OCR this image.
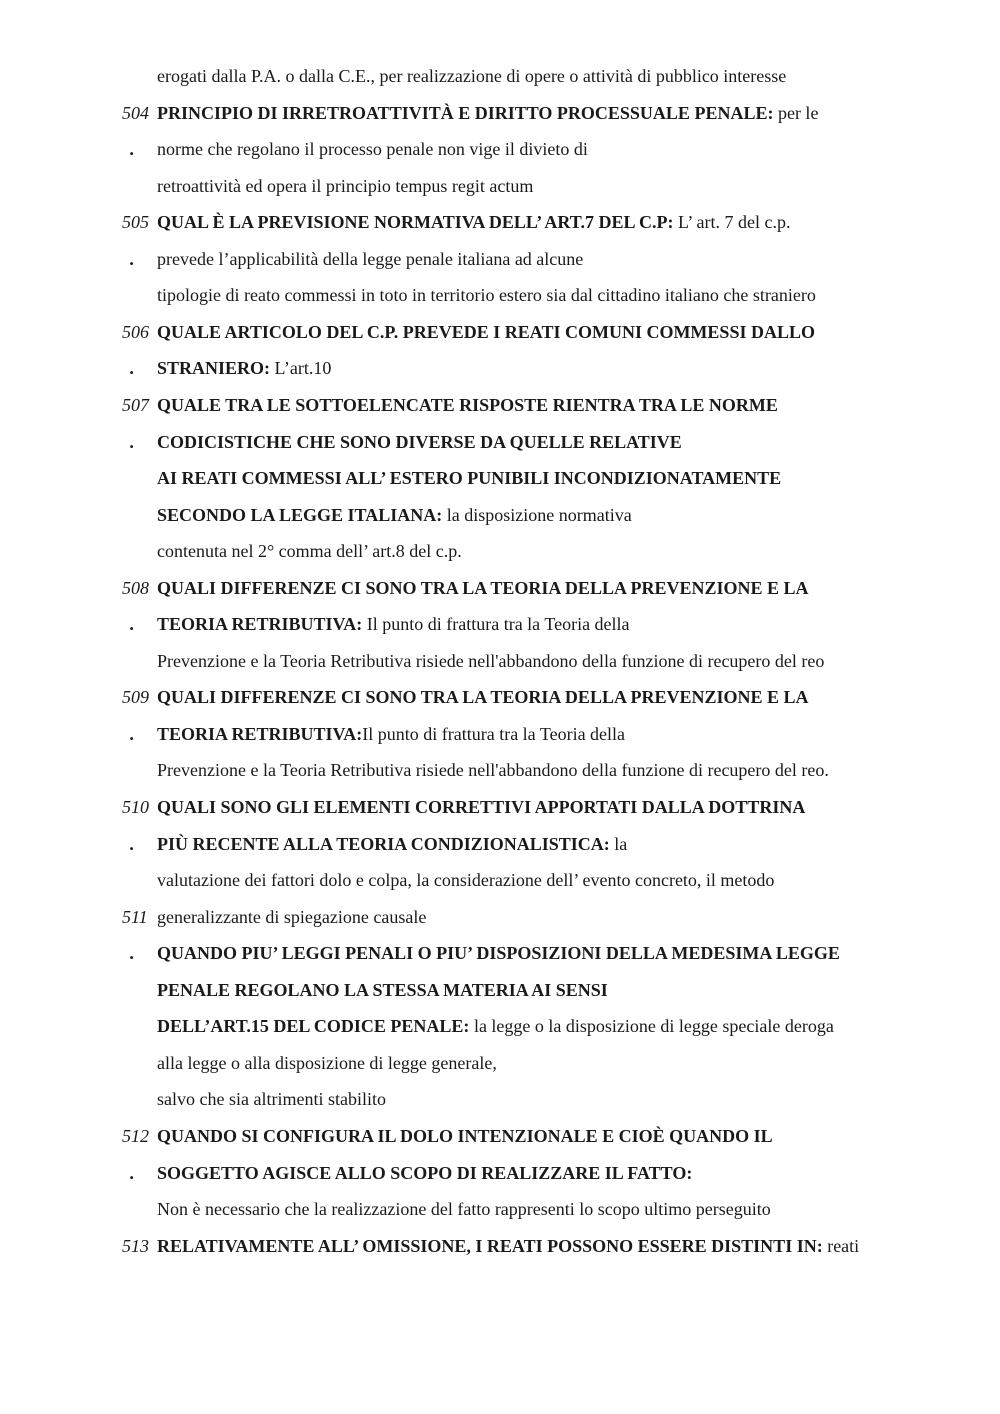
erogati dalla P.A. o dalla C.E., per realizzazione di opere o attività di pubblico interesse
504 PRINCIPIO DI IRRETROATTIVITÀ E DIRITTO PROCESSUALE PENALE: per le
.	norme che regolano il processo penale non vige il divieto di
retroattività ed opera il principio tempus regit actum
505 QUAL È LA PREVISIONE NORMATIVA DELL’ ART.7 DEL C.P: L’ art. 7 del c.p.
.	prevede l’applicabilità della legge penale italiana ad alcune
tipologie di reato commessi in toto in territorio estero sia dal cittadino italiano che straniero
506 QUALE ARTICOLO DEL C.P. PREVEDE I REATI COMUNI COMMESSI DALLO
.	STRANIERO: L’art.10
507 QUALE TRA LE SOTTOELENCATE RISPOSTE RIENTRA TRA LE NORME
.	CODICISTICHE CHE SONO DIVERSE DA QUELLE RELATIVE
AI REATI COMMESSI ALL’ ESTERO PUNIBILI INCONDIZIONATAMENTE
SECONDO LA LEGGE ITALIANA: la disposizione normativa
contenuta nel 2° comma dell’ art.8 del c.p.
508 QUALI DIFFERENZE CI SONO TRA LA TEORIA DELLA PREVENZIONE E LA
.	TEORIA RETRIBUTIVA: Il punto di frattura tra la Teoria della
Prevenzione e la Teoria Retributiva risiede nell'abbandono della funzione di recupero del reo
509 QUALI DIFFERENZE CI SONO TRA LA TEORIA DELLA PREVENZIONE E LA
.	TEORIA RETRIBUTIVA:Il punto di frattura tra la Teoria della
Prevenzione e la Teoria Retributiva risiede nell'abbandono della funzione di recupero del reo.
510 QUALI SONO GLI ELEMENTI CORRETTIVI APPORTATI DALLA DOTTRINA
.	PIÙ RECENTE ALLA TEORIA CONDIZIONALISTICA: la
valutazione dei fattori dolo e colpa, la considerazione dell’ evento concreto, il metodo
511 generalizzante di spiegazione causale
.	QUANDO PIU’ LEGGI PENALI O PIU’ DISPOSIZIONI DELLA MEDESIMA LEGGE
PENALE REGOLANO LA STESSA MATERIA AI SENSI
DELL’ART.15 DEL CODICE PENALE: la legge o la disposizione di legge speciale deroga
alla legge o alla disposizione di legge generale,
salvo che sia altrimenti stabilito
512 QUANDO SI CONFIGURA IL DOLO INTENZIONALE E CIOÈ QUANDO IL
.	SOGGETTO AGISCE ALLO SCOPO DI REALIZZARE IL FATTO:
Non è necessario che la realizzazione del fatto rappresenti lo scopo ultimo perseguito
513 RELATIVAMENTE ALL’ OMISSIONE, I REATI POSSONO ESSERE DISTINTI IN: reati
